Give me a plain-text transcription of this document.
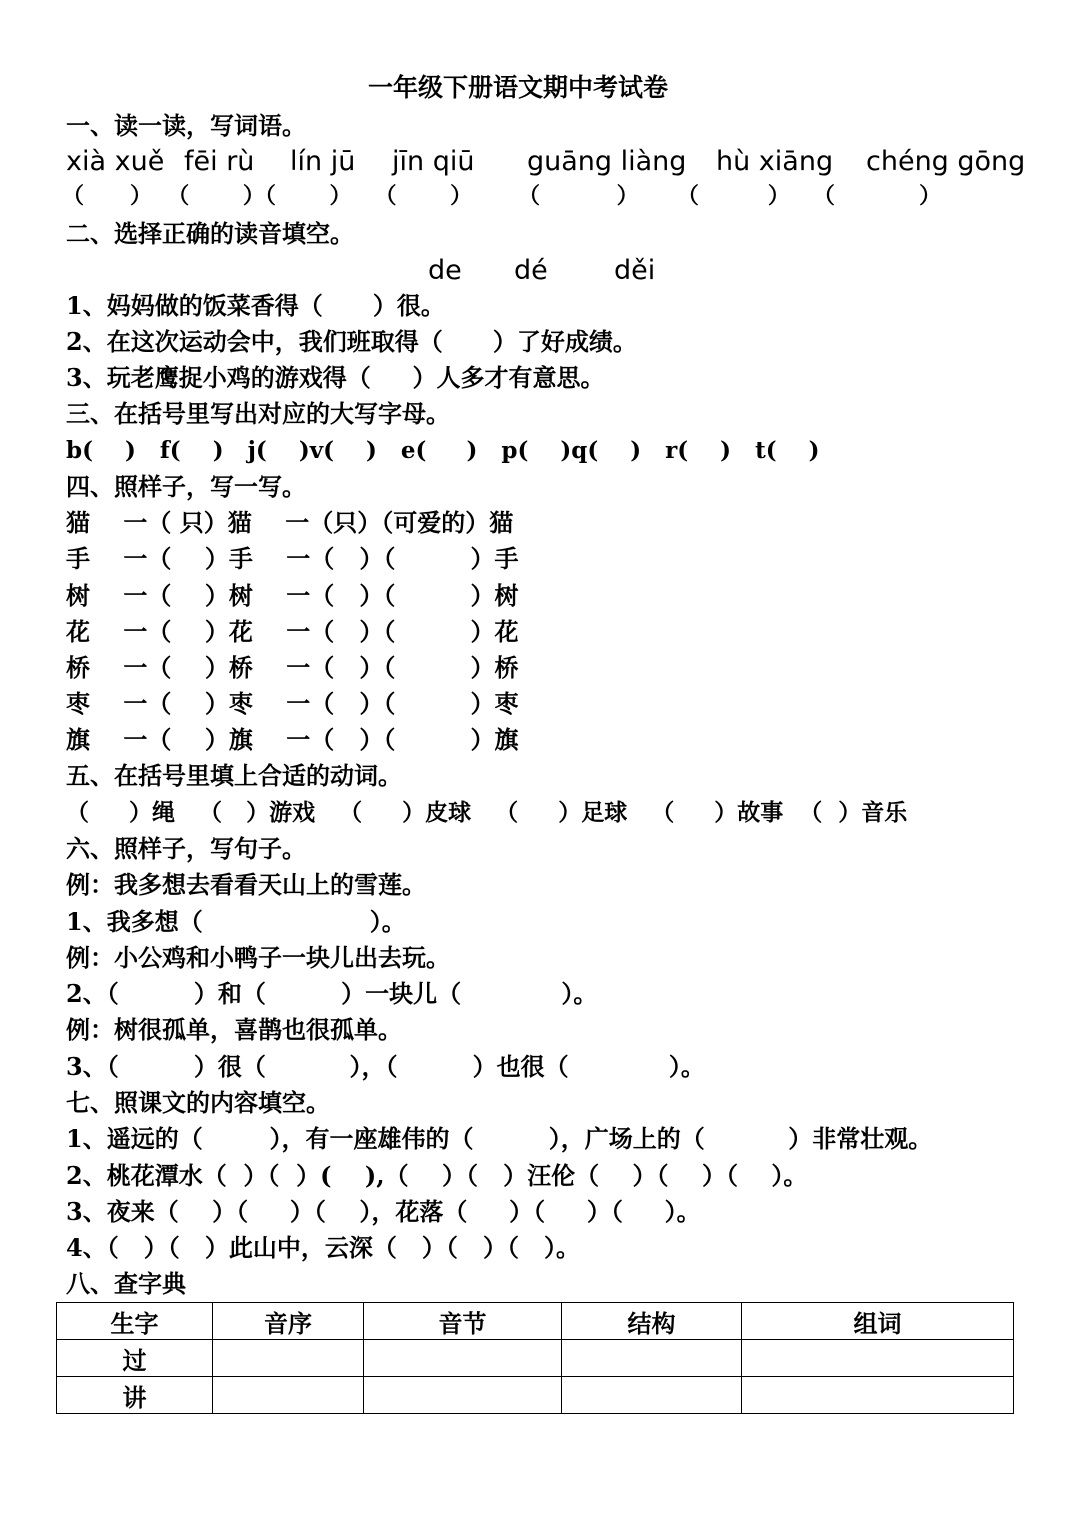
一年级下册语文期中考试卷
一、读一读，写词语。
xià xuě fēi rù lín jū jīn qiū guāng liàng hù xiāng chéng gōng
（      ）  （       ）（       ）   （       ）      （          ）     （         ）   （           ）
二、选择正确的读音填空。
de dé děi
1、妈妈做的饭菜香得（      ）很。
2、在这次运动会中，我们班取得（      ）了好成绩。
3、玩老鹰捉小鸡的游戏得（     ）人多才有意思。
三、在括号里写出对应的大写字母。
b(    )   f(    )   j(    )v(    )   e(     )   p(    )q(    )   r(    )   t(    )
四、照样子，写一写。
猫    一（ 只）猫    一（只）（可爱的）猫
手    一（    ）手    一（   ）（         ）手
树    一（    ）树    一（   ）（         ）树
花    一（    ）花    一（   ）（         ）花
桥    一（    ）桥    一（   ）（         ）桥
枣    一（    ）枣    一（   ）（         ）枣
旗    一（    ）旗    一（   ）（         ）旗
五、在括号里填上合适的动词。
（     ）绳   （   ）游戏   （     ）皮球   （     ）足球   （     ）故事  （  ）音乐
六、照样子，写句子。
例：我多想去看看天山上的雪莲。
1、我多想（                    ）。
例：小公鸡和小鸭子一块儿出去玩。
2、（         ）和（         ）一块儿（            ）。
例：树很孤单，喜鹊也很孤单。
3、（         ）很（          ），（         ）也很（            ）。
七、照课文的内容填空。
1、遥远的（        ），有一座雄伟的（         ），广场上的（          ）非常壮观。
2、桃花潭水（  ）（  ）(    ),（    ）（   ）汪伦（    ）（    ）（    ）。
3、夜来（    ）（     ）（    ），花落（     ）（     ）（     ）。
4、（   ）（   ）此山中，云深（   ）（   ）（   ）。
八、查字典
生字	音序	音节	结构	组词
过				
讲				
